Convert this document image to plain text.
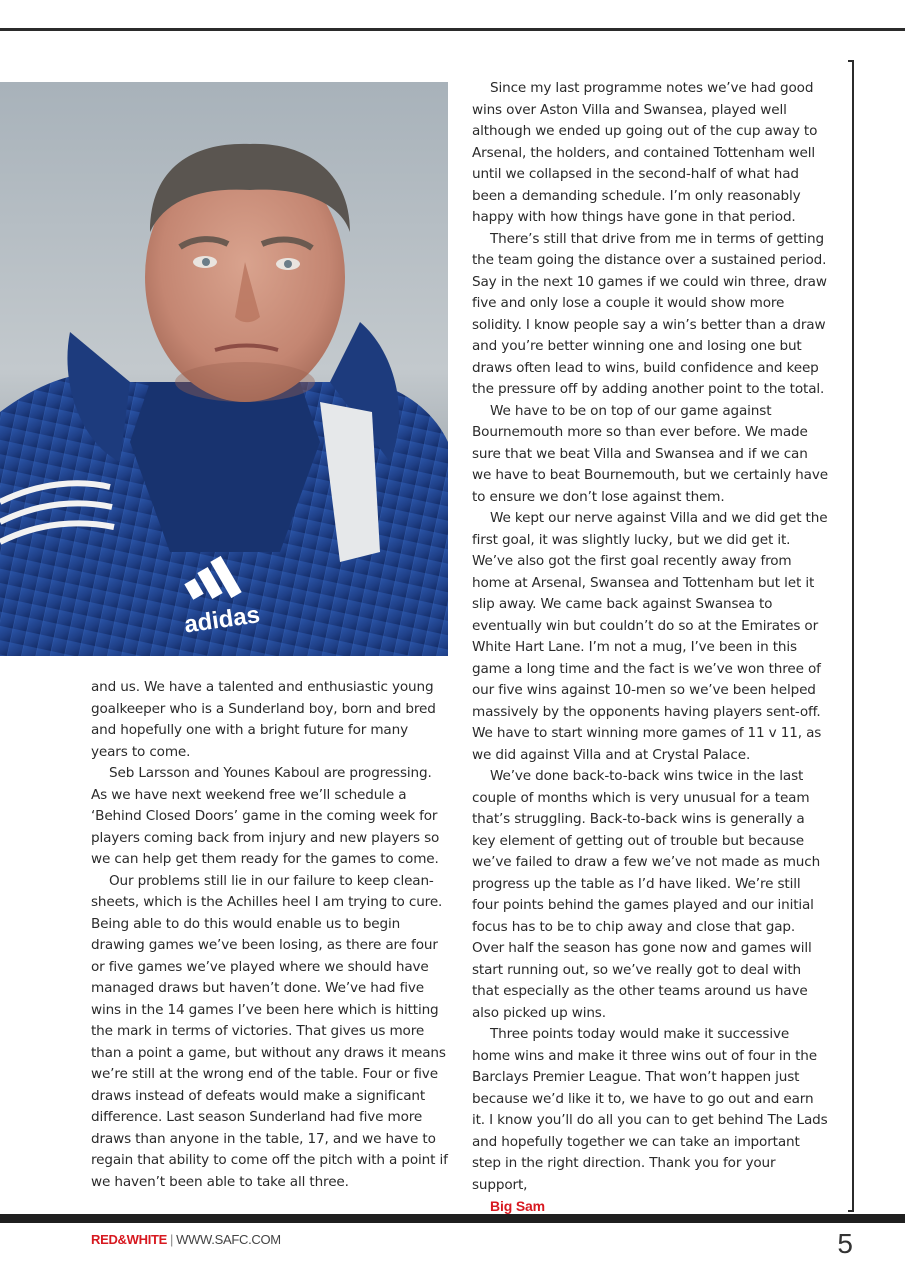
adidas

and us. We have a talented and enthusiastic young goalkeeper who is a Sunderland boy, born and bred and hopefully one with a bright future for many years to come.

Seb Larsson and Younes Kaboul are progressing. As we have next weekend free we’ll schedule a ‘Behind Closed Doors’ game in the coming week for players coming back from injury and new players so we can help get them ready for the games to come.

Our problems still lie in our failure to keep clean-sheets, which is the Achilles heel I am trying to cure. Being able to do this would enable us to begin drawing games we’ve been losing, as there are four or five games we’ve played where we should have managed draws but haven’t done. We’ve had five wins in the 14 games I’ve been here which is hitting the mark in terms of victories. That gives us more than a point a game, but without any draws it means we’re still at the wrong end of the table. Four or five draws instead of defeats would make a significant difference. Last season Sunderland had five more draws than anyone in the table, 17, and we have to regain that ability to come off the pitch with a point if we haven’t been able to take all three.

Since my last programme notes we’ve had good wins over Aston Villa and Swansea, played well although we ended up going out of the cup away to Arsenal, the holders, and contained Tottenham well until we collapsed in the second-half of what had been a demanding schedule. I’m only reasonably happy with how things have gone in that period.

There’s still that drive from me in terms of getting the team going the distance over a sustained period. Say in the next 10 games if we could win three, draw five and only lose a couple it would show more solidity. I know people say a win’s better than a draw and you’re better winning one and losing one but draws often lead to wins, build confidence and keep the pressure off by adding another point to the total.

We have to be on top of our game against Bournemouth more so than ever before. We made sure that we beat Villa and Swansea and if we can we have to beat Bournemouth, but we certainly have to ensure we don’t lose against them.

We kept our nerve against Villa and we did get the first goal, it was slightly lucky, but we did get it. We’ve also got the first goal recently away from home at Arsenal, Swansea and Tottenham but let it slip away. We came back against Swansea to eventually win but couldn’t do so at the Emirates or White Hart Lane. I’m not a mug, I’ve been in this game a long time and the fact is we’ve won three of our five wins against 10-men so we’ve been helped massively by the opponents having players sent-off. We have to start winning more games of 11 v 11, as we did against Villa and at Crystal Palace.

We’ve done back-to-back wins twice in the last couple of months which is very unusual for a team that’s struggling. Back-to-back wins is generally a key element of getting out of trouble but because we’ve failed to draw a few we’ve not made as much progress up the table as I’d have liked. We’re still four points behind the games played and our initial focus has to be to chip away and close that gap. Over half the season has gone now and games will start running out, so we’ve really got to deal with that especially as the other teams around us have also picked up wins.

Three points today would make it successive home wins and make it three wins out of four in the Barclays Premier League. That won’t happen just because we’d like it to, we have to go out and earn it. I know you’ll do all you can to get behind The Lads and hopefully together we can take an important step in the right direction. Thank you for your support,

Big Sam
RED&WHITE | WWW.SAFC.COM	5
